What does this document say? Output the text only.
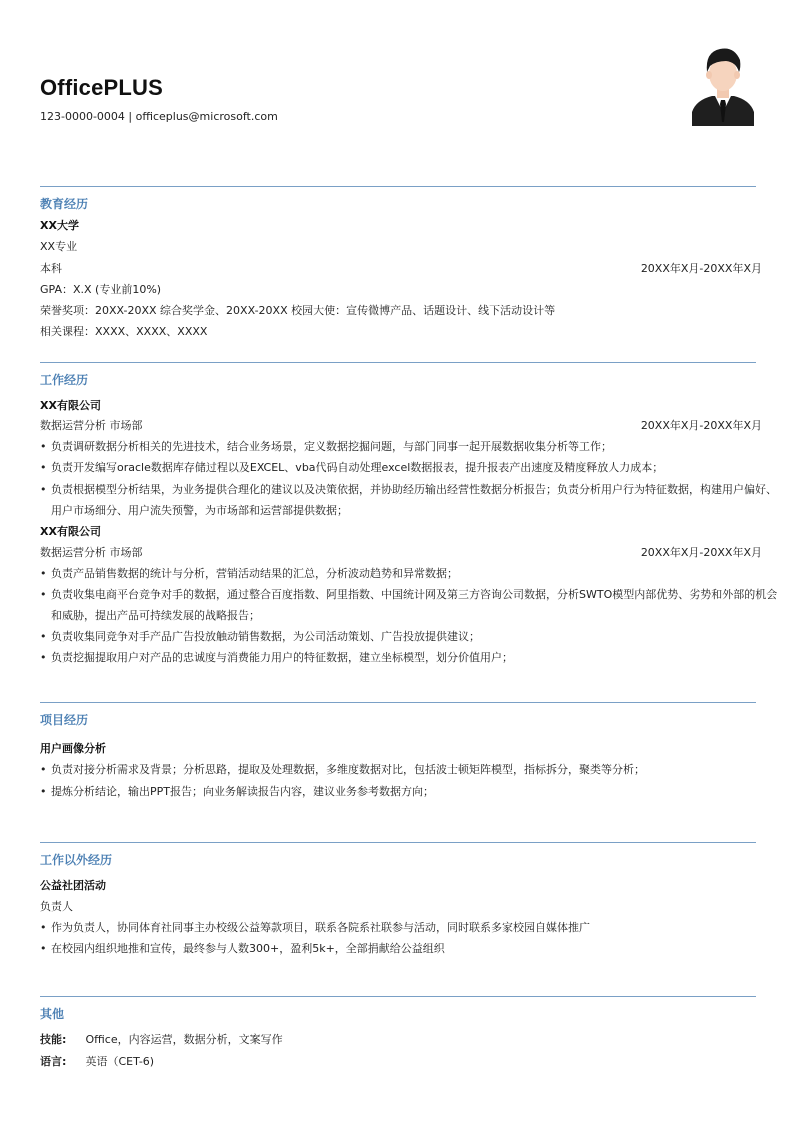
OfficePLUS
123-0000-0004 | officeplus@microsoft.com
教育经历
XX大学
XX专业
本科	20XX年X月-20XX年X月
GPA：X.X (专业前10%)
荣誉奖项：20XX-20XX 综合奖学金、20XX-20XX 校园大使：宣传微博产品、话题设计、线下活动设计等
相关课程：XXXX、XXXX、XXXX
工作经历
XX有限公司
数据运营分析 市场部	20XX年X月-20XX年X月
• 负责调研数据分析相关的先进技术，结合业务场景，定义数据挖掘问题，与部门同事一起开展数据收集分析等工作；
• 负责开发编写oracle数据库存储过程以及EXCEL、vba代码自动处理excel数据报表，提升报表产出速度及精度释放人力成本；
• 负责根据模型分析结果，为业务提供合理化的建议以及决策依据，并协助经历输出经营性数据分析报告；负责分析用户行为特征数据，构建用户偏好、
用户市场细分、用户流失预警，为市场部和运营部提供数据；
XX有限公司
数据运营分析 市场部	20XX年X月-20XX年X月
• 负责产品销售数据的统计与分析，营销活动结果的汇总，分析波动趋势和异常数据；
• 负责收集电商平台竞争对手的数据，通过整合百度指数、阿里指数、中国统计网及第三方咨询公司数据，分析SWTO模型内部优势、劣势和外部的机会
和威胁，提出产品可持续发展的战略报告；
• 负责收集同竞争对手产品广告投放触动销售数据，为公司活动策划、广告投放提供建议；
• 负责挖掘提取用户对产品的忠诚度与消费能力用户的特征数据，建立坐标模型，划分价值用户；
项目经历
用户画像分析
• 负责对接分析需求及背景；分析思路，提取及处理数据，多维度数据对比，包括波士顿矩阵模型，指标拆分，聚类等分析；
• 提炼分析结论，输出PPT报告；向业务解读报告内容，建议业务参考数据方向；
工作以外经历
公益社团活动
负责人
• 作为负责人，协同体育社同事主办校级公益筹款项目，联系各院系社联参与活动，同时联系多家校园自媒体推广
• 在校园内组织地推和宣传，最终参与人数300+，盈利5k+，全部捐献给公益组织
其他
技能: Office，内容运营，数据分析，文案写作
语言: 英语（CET-6)
